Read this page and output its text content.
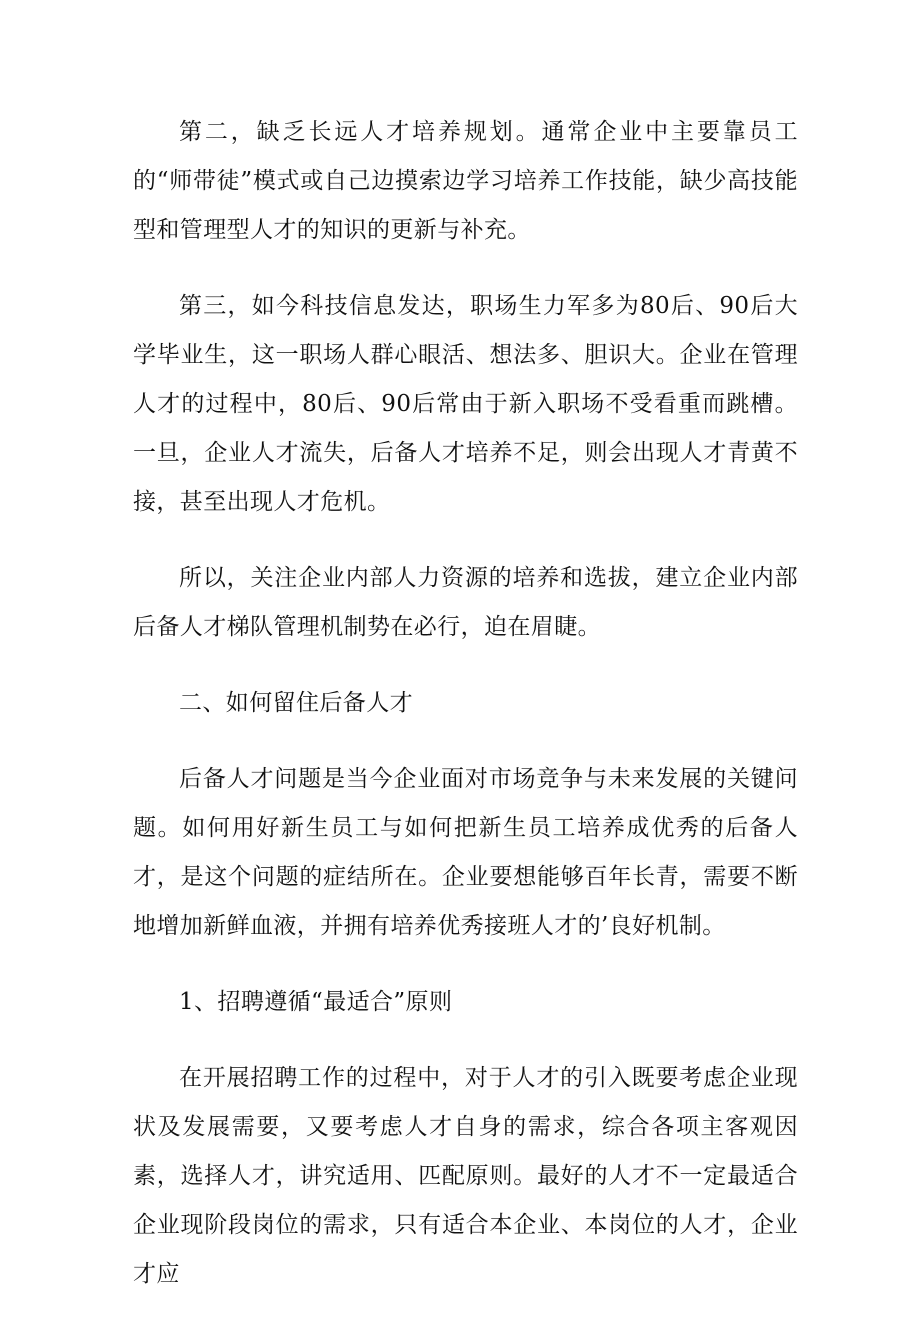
第二，缺乏长远人才培养规划。通常企业中主要靠员工的“师带徒”模式或自己边摸索边学习培养工作技能，缺少高技能型和管理型人才的知识的更新与补充。

第三，如今科技信息发达，职场生力军多为80后、90后大学毕业生，这一职场人群心眼活、想法多、胆识大。企业在管理人才的过程中，80后、90后常由于新入职场不受看重而跳槽。一旦，企业人才流失，后备人才培养不足，则会出现人才青黄不接，甚至出现人才危机。

所以，关注企业内部人力资源的培养和选拔，建立企业内部后备人才梯队管理机制势在必行，迫在眉睫。

二、如何留住后备人才

后备人才问题是当今企业面对市场竞争与未来发展的关键问题。如何用好新生员工与如何把新生员工培养成优秀的后备人才，是这个问题的症结所在。企业要想能够百年长青，需要不断地增加新鲜血液，并拥有培养优秀接班人才的’良好机制。

1、招聘遵循“最适合”原则

在开展招聘工作的过程中，对于人才的引入既要考虑企业现状及发展需要，又要考虑人才自身的需求，综合各项主客观因素，选择人才，讲究适用、匹配原则。最好的人才不一定最适合企业现阶段岗位的需求，只有适合本企业、本岗位的人才，企业才应
